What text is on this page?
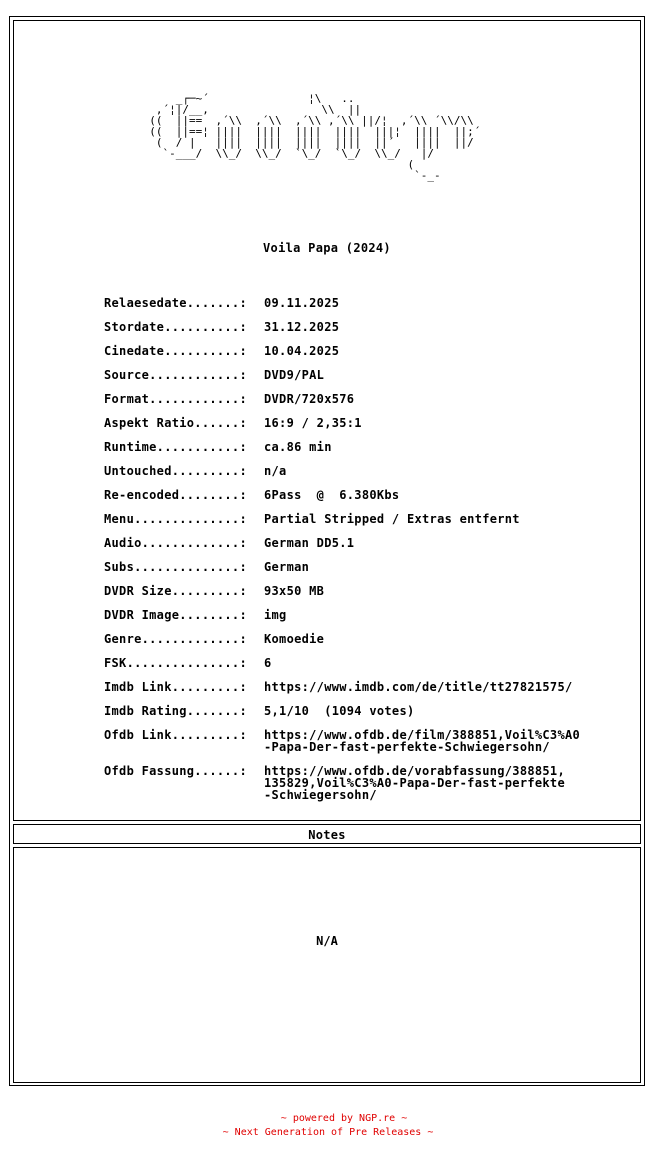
_┌─~´               ¦\   ..
,´¦|/__,                 \\  ||
((  ||==  ,´\\  ,´\\  ,´\\ ,´\\ ||/¦  ,´\\ ´\\/\\
((  ||==¦ ||||  ||||  ||||  ||||  |||¦  ||||  ||;´
(  / |   ||||  ||||  ||||  ||||  ||´   ||||  ||/
`-___/  \\_/  \\_/  `\_/  `\_/  \\_/   |/
(
`-_-
Voila Papa (2024)
Relaesedate.......: 09.11.2025
Stordate..........: 31.12.2025
Cinedate..........: 10.04.2025
Source............: DVD9/PAL
Format............: DVDR/720x576
Aspekt Ratio......: 16:9 / 2,35:1
Runtime...........: ca.86 min
Untouched.........: n/a
Re-encoded........: 6Pass  @  6.380Kbs
Menu..............: Partial Stripped / Extras entfernt
Audio.............: German DD5.1
Subs..............: German
DVDR Size.........: 93x50 MB
DVDR Image........: img
Genre.............: Komoedie
FSK...............: 6
Imdb Link.........: https://www.imdb.com/de/title/tt27821575/
Imdb Rating.......: 5,1/10  (1094 votes)
Ofdb Link.........: https://www.ofdb.de/film/388851,Voil%C3%A0
-Papa-Der-fast-perfekte-Schwiegersohn/
Ofdb Fassung......: https://www.ofdb.de/vorabfassung/388851,
135829,Voil%C3%A0-Papa-Der-fast-perfekte
-Schwiegersohn/
Notes
N/A
~ powered by NGP.re ~
~ Next Generation of Pre Releases ~
